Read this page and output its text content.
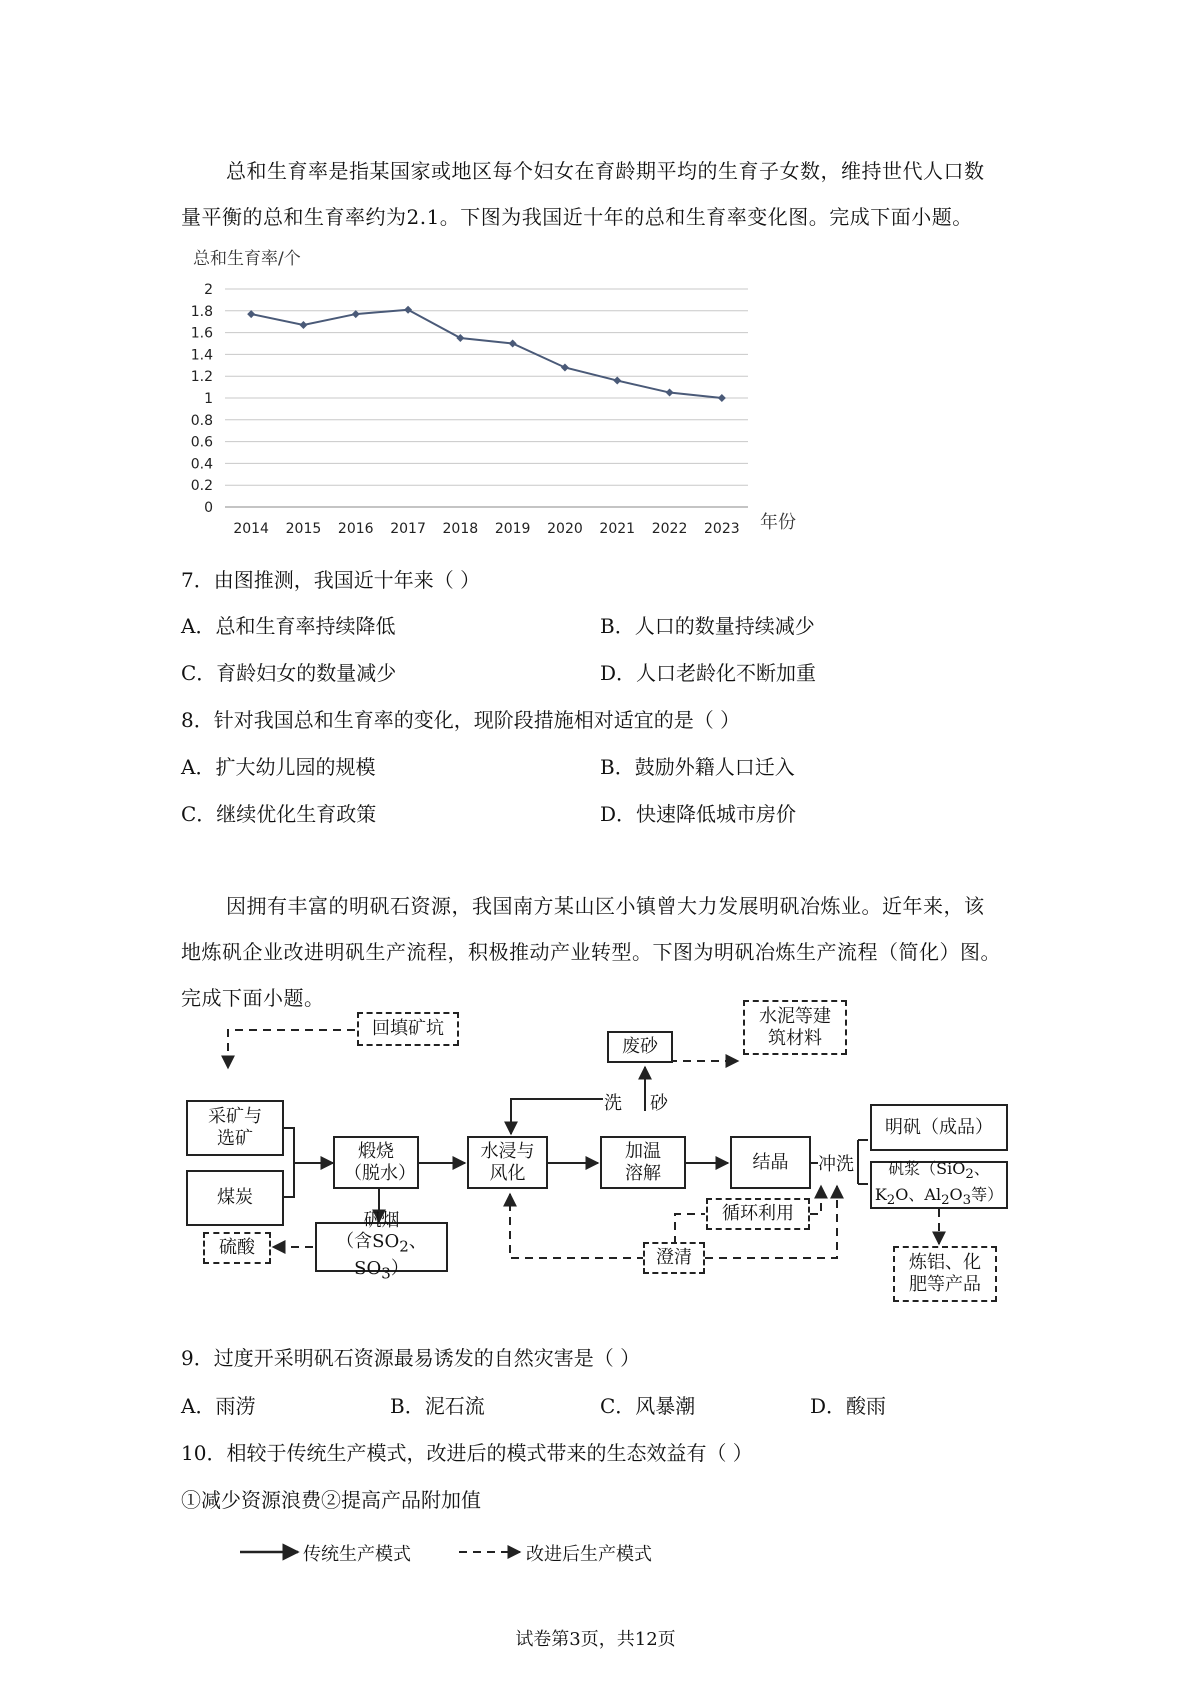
总和生育率是指某国家或地区每个妇女在育龄期平均的生育子女数，维持世代人口数
量平衡的总和生育率约为2.1。下图为我国近十年的总和生育率变化图。完成下面小题。
总和生育率/个
0
0.2
0.4
0.6
0.8
1
1.2
1.4
1.6
1.8
2
2014 2015 2016 2017 2018 2019 2020 2021 2022 2023 年份
7．由图推测，我国近十年来（ ）
A．总和生育率持续降低	B．人口的数量持续减少
C．育龄妇女的数量减少	D．人口老龄化不断加重
8．针对我国总和生育率的变化，现阶段措施相对适宜的是（ ）
A．扩大幼儿园的规模	B．鼓励外籍人口迁入
C．继续优化生育政策	D．快速降低城市房价
因拥有丰富的明矾石资源，我国南方某山区小镇曾大力发展明矾冶炼业。近年来，该
地炼矾企业改进明矾生产流程，积极推动产业转型。下图为明矾冶炼生产流程（简化）图。
完成下面小题。
采矿与选矿
煤炭
煅烧（脱水）
水浸与风化
加温溶解
结晶 冲洗
明矾（成品）
矾浆（SiO$_2$、
$K_2O$、$Al_2O_3$等）
炼铝、化肥等产品
矾烟
（含$SO_2$、$SO_3$）
硫酸
循环利用
澄清
回填矿坑
废砂
水泥等建筑材料
洗 砂
传统生产模式	改进后生产模式
9．过度开采明矾石资源最易诱发的自然灾害是（ ）
A．雨涝	B．泥石流	C．风暴潮	D．酸雨
10．相较于传统生产模式，改进后的模式带来的生态效益有（ ）
①减少资源浪费②提高产品附加值
试卷第3页，共12页
